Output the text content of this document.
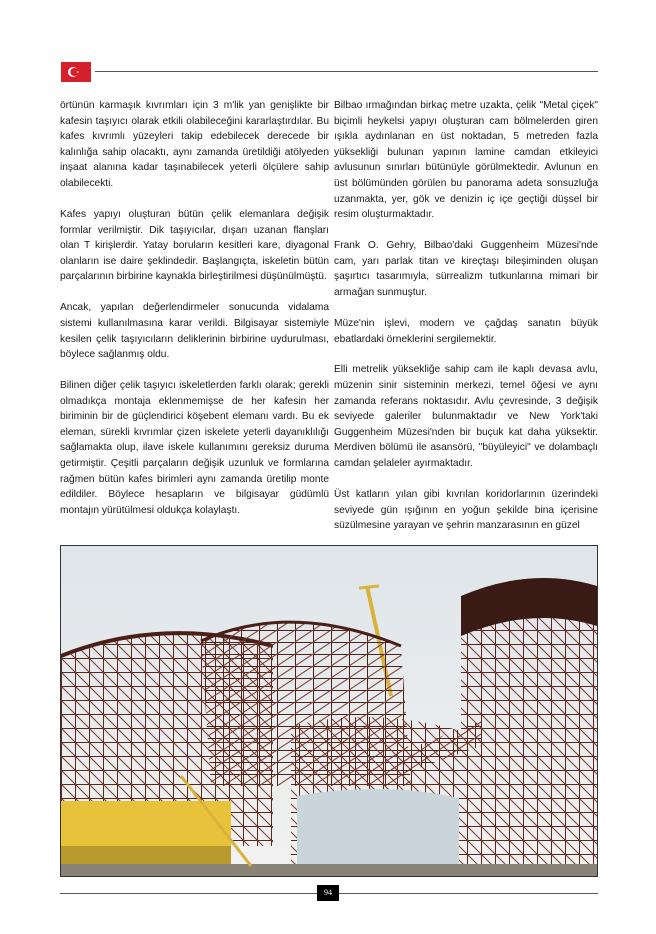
örtünün karmaşık kıvrımları için 3 m'lik yan genişlikte bir kafesin taşıyıcı olarak etkili olabileceğini kararlaştırdılar. Bu kafes kıvrımlı yüzeyleri takip edebilecek derecede bir kalınlığa sahip olacaktı, aynı zamanda üretildiği atölyeden inşaat alanına kadar taşınabilecek yeterli ölçülere sahip olabilecekti.

Kafes yapıyı oluşturan bütün çelik elemanlara değişik formlar verilmiştir. Dik taşıyıcılar, dışarı uzanan flanşları olan T kirişlerdir. Yatay boruların kesitleri kare, diyagonal olanların ise daire şeklindedir. Başlangıçta, iskeletin bütün parçalarının birbirine kaynakla birleştirilmesi düşünülmüştü.

Ancak, yapılan değerlendirmeler sonucunda vidalama sistemi kullanılmasına karar verildi. Bilgisayar sistemiyle kesilen çelik taşıyıcıların deliklerinin birbirine uydurulması, böylece sağlanmış oldu.

Bilinen diğer çelik taşıyıcı iskeletlerden farklı olarak; gerekli olmadıkça montaja eklenmemişse de her kafesin her biriminin bir de güçlendirici köşebent elemanı vardı. Bu ek eleman, sürekli kıvrımlar çizen iskelete yeterli dayanıklılığı sağlamakta olup, ilave iskele kullanımını gereksiz duruma getirmiştir. Çeşitli parçaların değişik uzunluk ve formlarına rağmen bütün kafes birimleri aynı zamanda üretilip monte edildiler. Böylece hesapların ve bilgisayar güdümlü montajın yürütülmesi oldukça kolaylaştı.

Bilbao ırmağından birkaç metre uzakta, çelik "Metal çiçek" biçimli heykelsi yapıyı oluşturan cam bölmelerden giren ışıkla aydınlanan en üst noktadan, 5 metreden fazla yüksekliği bulunan yapının lamine camdan etkileyici avlusunun sınırları bütünüyle görülmektedir. Avlunun en üst bölümünden görülen bu panorama adeta sonsuzluğa uzanmakta, yer, gök ve denizin iç içe geçtiği düşsel bir resim oluşturmaktadır.

Frank O. Gehry, Bilbao'daki Guggenheim Müzesi'nde cam, yarı parlak titan ve kireçtaşı bileşiminden oluşan şaşırtıcı tasarımıyla, sürrealizm tutkunlarına mimari bir armağan sunmuştur.

Müze'nin işlevi, modern ve çağdaş sanatın büyük ebatlardaki örneklerini sergilemektir.

Elli metrelik yüksekliğe sahip cam ile kaplı devasa avlu, müzenin sinir sisteminin merkezi, temel öğesi ve aynı zamanda referans noktasıdır. Avlu çevresinde, 3 değişik seviyede galeriler bulunmaktadır ve New York'taki Guggenheim Müzesi'nden bir buçuk kat daha yüksektir. Merdiven bölümü ile asansörü, "büyüleyici" ve dolambaçlı camdan şelaleler ayırmaktadır.

Üst katların yılan gibi kıvrılan koridorlarının üzerindeki seviyede gün ışığının en yoğun şekilde bina içerisine süzülmesine yarayan ve şehrin manzarasının en güzel

94
